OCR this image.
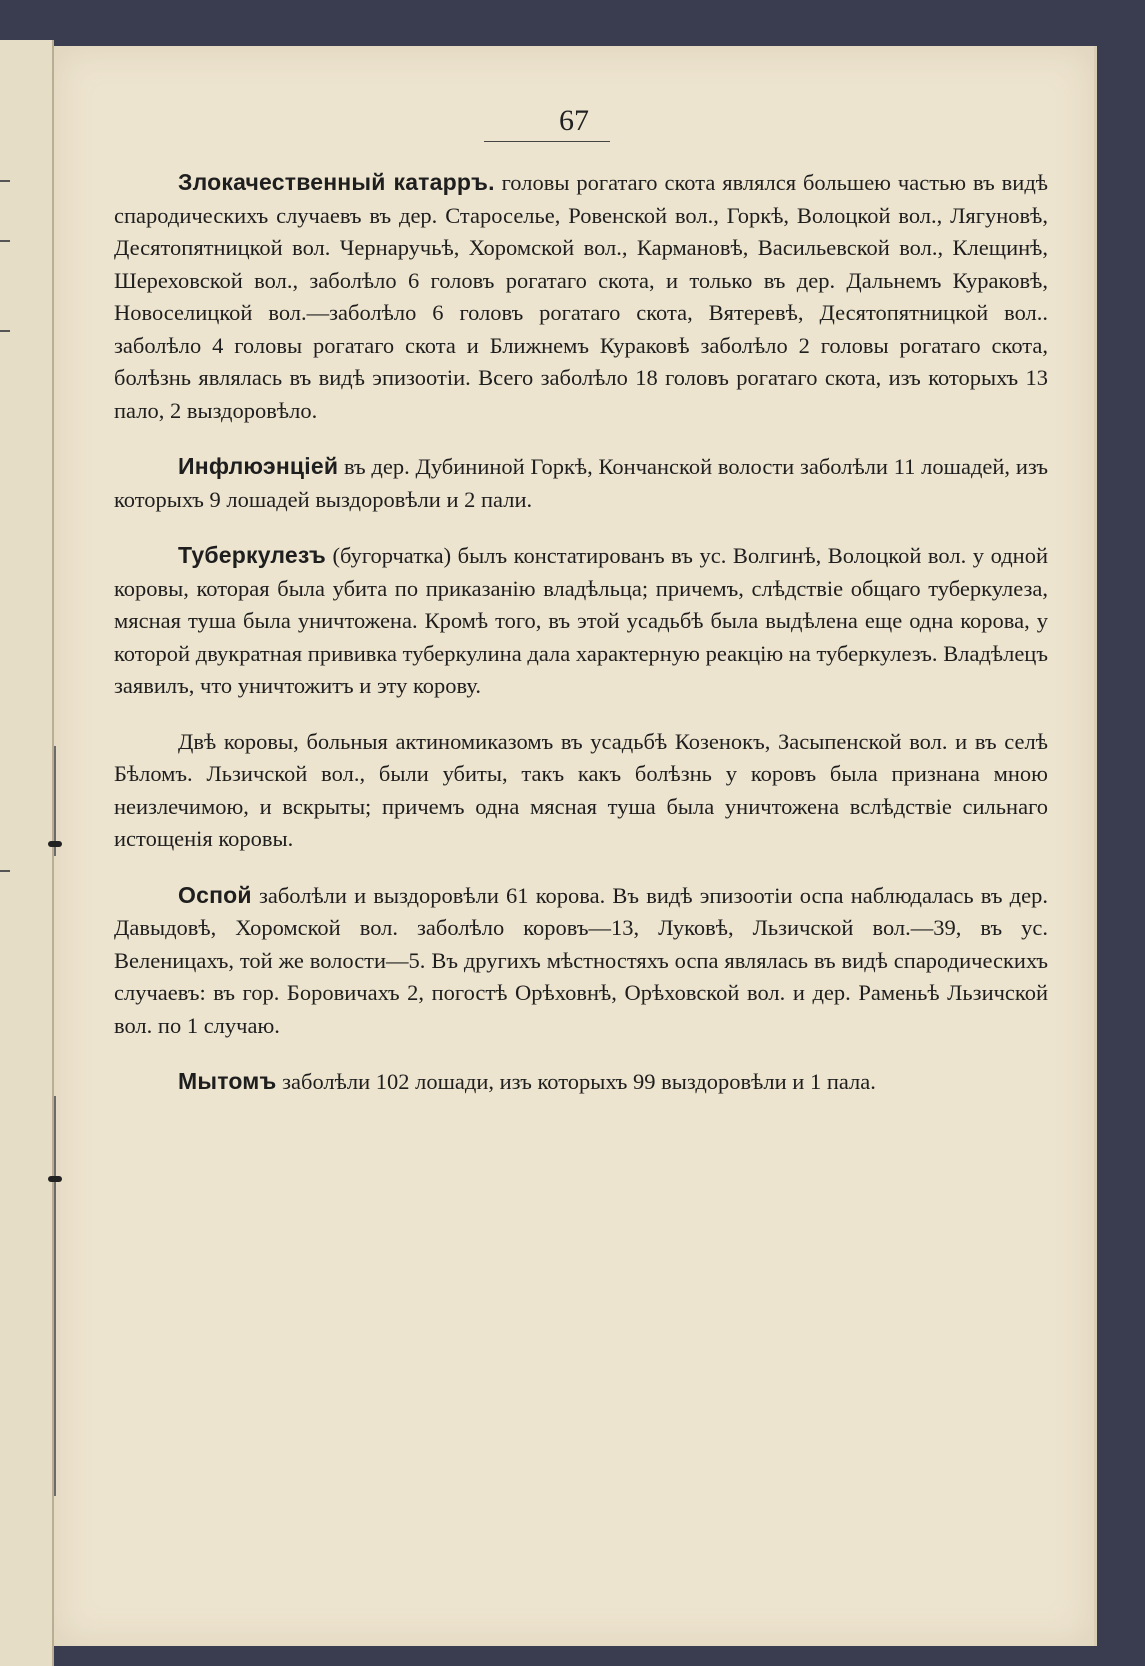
67

Злокачественный катарръ. головы рогатаго скота являлся большею частью въ видѣ спародическихъ случаевъ въ дер. Староселье, Ровенской вол., Горкѣ, Волоцкой вол., Лягуновѣ, Десятопятницкой вол. Чернаручьѣ, Хоромской вол., Кармановѣ, Васильевской вол., Клещинѣ, Шереховской вол., заболѣло 6 головъ рогатаго скота, и только въ дер. Дальнемъ Кураковѣ, Новоселицкой вол.—заболѣло 6 головъ рогатаго скота, Вятеревѣ, Десятопятницкой вол.. заболѣло 4 головы рогатаго скота и Ближнемъ Кураковѣ заболѣло 2 головы рогатаго скота, болѣзнь являлась въ видѣ эпизоотіи. Всего заболѣло 18 головъ рогатаго скота, изъ которыхъ 13 пало, 2 выздоровѣло.

Инфлюэнціей въ дер. Дубининой Горкѣ, Кончанской волости заболѣли 11 лошадей, изъ которыхъ 9 лошадей выздоровѣли и 2 пали.

Туберкулезъ (бугорчатка) былъ констатированъ въ ус. Волгинѣ, Волоцкой вол. у одной коровы, которая была убита по приказанію владѣльца; причемъ, слѣдствіе общаго туберкулеза, мясная туша была уничтожена. Кромѣ того, въ этой усадьбѣ была выдѣлена еще одна корова, у которой двукратная прививка туберкулина дала характерную реакцію на туберкулезъ. Владѣлецъ заявилъ, что уничтожитъ и эту корову.

Двѣ коровы, больныя актиномиказомъ въ усадьбѣ Козенокъ, Засыпенской вол. и въ селѣ Бѣломъ. Льзичской вол., были убиты, такъ какъ болѣзнь у коровъ была признана мною неизлечимою, и вскрыты; причемъ одна мясная туша была уничтожена вслѣдствіе сильнаго истощенія коровы.

Оспой заболѣли и выздоровѣли 61 корова. Въ видѣ эпизоотіи оспа наблюдалась въ дер. Давыдовѣ, Хоромской вол. заболѣло коровъ—13, Луковѣ, Льзичской вол.—39, въ ус. Веленицахъ, той же волости—5. Въ другихъ мѣстностяхъ оспа являлась въ видѣ спародическихъ случаевъ: въ гор. Боровичахъ 2, погостѣ Орѣховнѣ, Орѣховской вол. и дер. Раменьѣ Льзичской вол. по 1 случаю.

Мытомъ заболѣли 102 лошади, изъ которыхъ 99 выздоровѣли и 1 пала.
